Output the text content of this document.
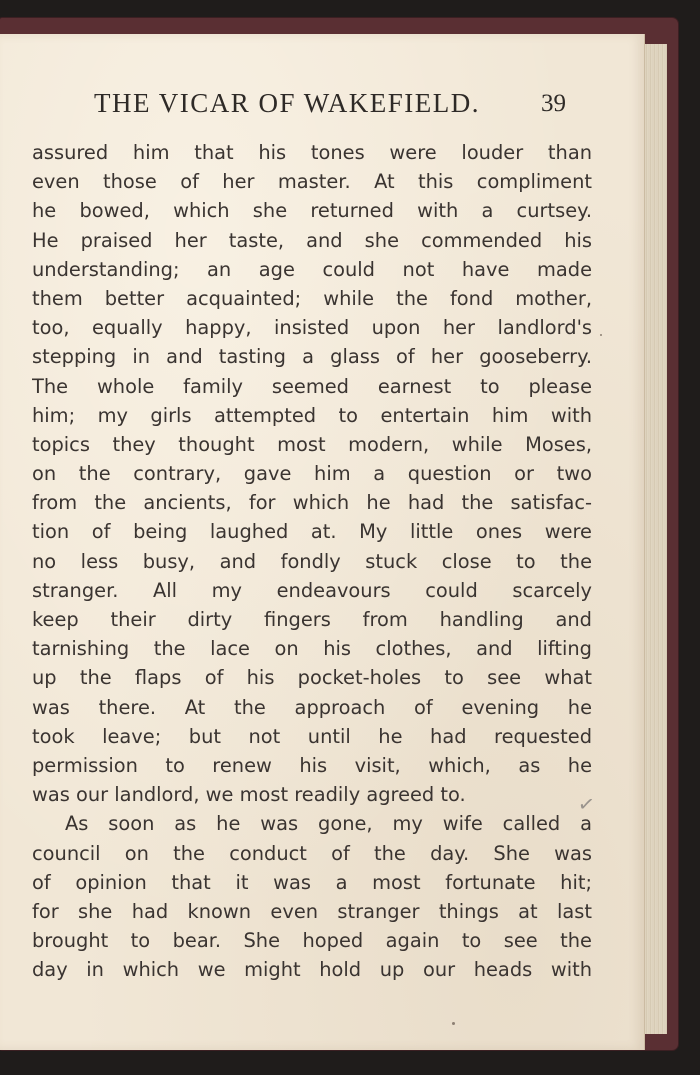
THE VICAR OF WAKEFIELD. 39
assured him that his tones were louder than
even those of her master. At this compliment
he bowed, which she returned with a curtsey.
He praised her taste, and she commended his
understanding; an age could not have made
them better acquainted; while the fond mother,
too, equally happy, insisted upon her landlord's
stepping in and tasting a glass of her gooseberry.
The whole family seemed earnest to please
him; my girls attempted to entertain him with
topics they thought most modern, while Moses,
on the contrary, gave him a question or two
from the ancients, for which he had the satisfac-
tion of being laughed at. My little ones were
no less busy, and fondly stuck close to the
stranger. All my endeavours could scarcely
keep their dirty fingers from handling and
tarnishing the lace on his clothes, and lifting
up the flaps of his pocket-holes to see what
was there. At the approach of evening he
took leave; but not until he had requested
permission to renew his visit, which, as he
was our landlord, we most readily agreed to.
As soon as he was gone, my wife called a
council on the conduct of the day. She was
of opinion that it was a most fortunate hit;
for she had known even stranger things at last
brought to bear. She hoped again to see the
day in which we might hold up our heads with
✓
